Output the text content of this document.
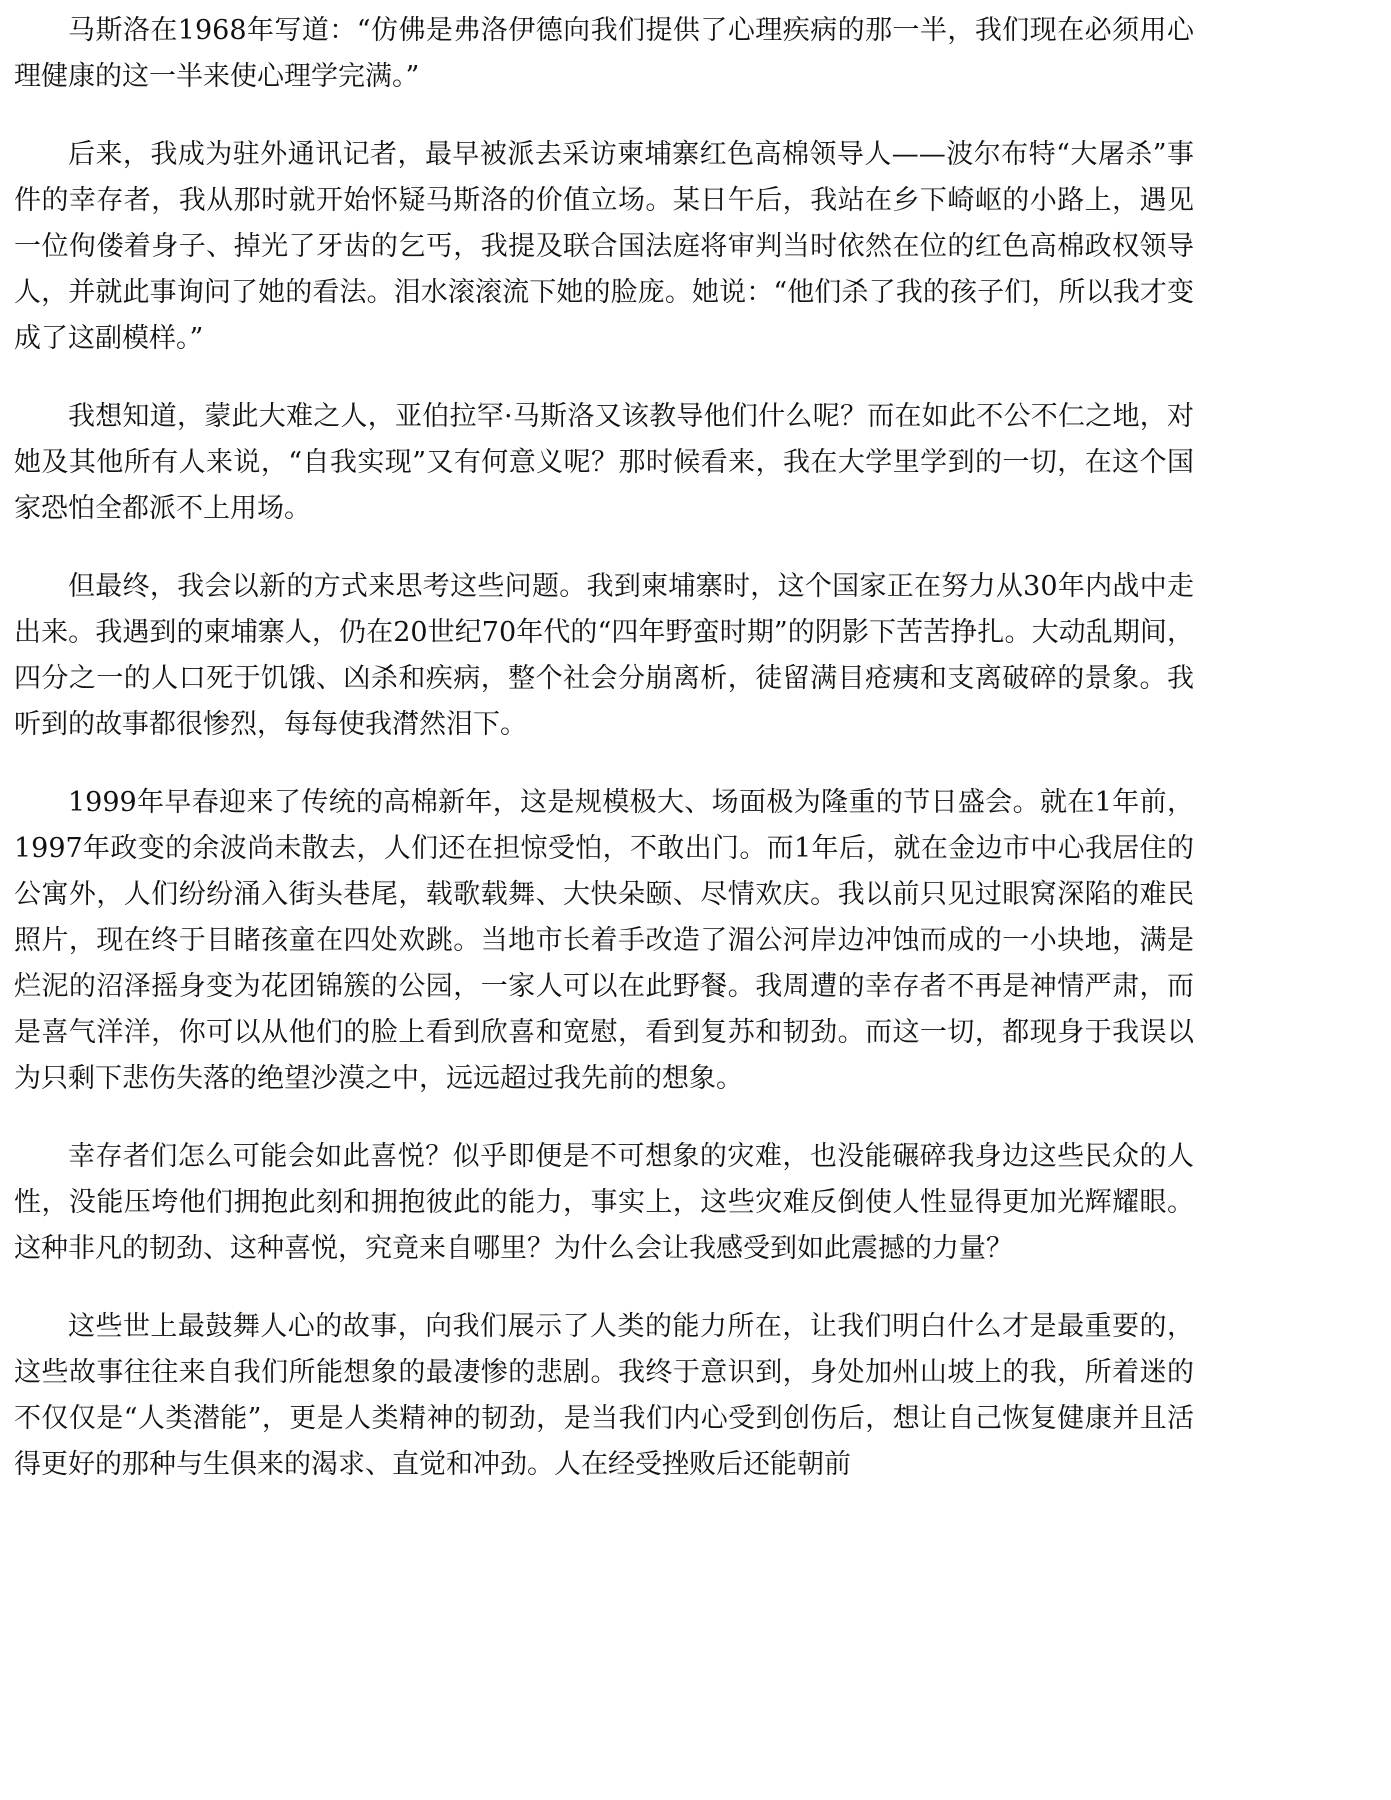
马斯洛在1968年写道：“仿佛是弗洛伊德向我们提供了心理疾病的那一半，我们现在必须用心理健康的这一半来使心理学完满。”

后来，我成为驻外通讯记者，最早被派去采访柬埔寨红色高棉领导人——波尔布特“大屠杀”事件的幸存者，我从那时就开始怀疑马斯洛的价值立场。某日午后，我站在乡下崎岖的小路上，遇见一位佝偻着身子、掉光了牙齿的乞丐，我提及联合国法庭将审判当时依然在位的红色高棉政权领导人，并就此事询问了她的看法。泪水滚滚流下她的脸庞。她说：“他们杀了我的孩子们，所以我才变成了这副模样。”

我想知道，蒙此大难之人，亚伯拉罕·马斯洛又该教导他们什么呢？而在如此不公不仁之地，对她及其他所有人来说，“自我实现”又有何意义呢？那时候看来，我在大学里学到的一切，在这个国家恐怕全都派不上用场。

但最终，我会以新的方式来思考这些问题。我到柬埔寨时，这个国家正在努力从30年内战中走出来。我遇到的柬埔寨人，仍在20世纪70年代的“四年野蛮时期”的阴影下苦苦挣扎。大动乱期间，四分之一的人口死于饥饿、凶杀和疾病，整个社会分崩离析，徒留满目疮痍和支离破碎的景象。我听到的故事都很惨烈，每每使我潸然泪下。

1999年早春迎来了传统的高棉新年，这是规模极大、场面极为隆重的节日盛会。就在1年前，1997年政变的余波尚未散去，人们还在担惊受怕，不敢出门。而1年后，就在金边市中心我居住的公寓外，人们纷纷涌入街头巷尾，载歌载舞、大快朵颐、尽情欢庆。我以前只见过眼窝深陷的难民照片，现在终于目睹孩童在四处欢跳。当地市长着手改造了湄公河岸边冲蚀而成的一小块地，满是烂泥的沼泽摇身变为花团锦簇的公园，一家人可以在此野餐。我周遭的幸存者不再是神情严肃，而是喜气洋洋，你可以从他们的脸上看到欣喜和宽慰，看到复苏和韧劲。而这一切，都现身于我误以为只剩下悲伤失落的绝望沙漠之中，远远超过我先前的想象。

幸存者们怎么可能会如此喜悦？似乎即便是不可想象的灾难，也没能碾碎我身边这些民众的人性，没能压垮他们拥抱此刻和拥抱彼此的能力，事实上，这些灾难反倒使人性显得更加光辉耀眼。这种非凡的韧劲、这种喜悦，究竟来自哪里？为什么会让我感受到如此震撼的力量？

这些世上最鼓舞人心的故事，向我们展示了人类的能力所在，让我们明白什么才是最重要的，这些故事往往来自我们所能想象的最凄惨的悲剧。我终于意识到，身处加州山坡上的我，所着迷的不仅仅是“人类潜能”，更是人类精神的韧劲，是当我们内心受到创伤后，想让自己恢复健康并且活得更好的那种与生俱来的渴求、直觉和冲劲。人在经受挫败后还能朝前
